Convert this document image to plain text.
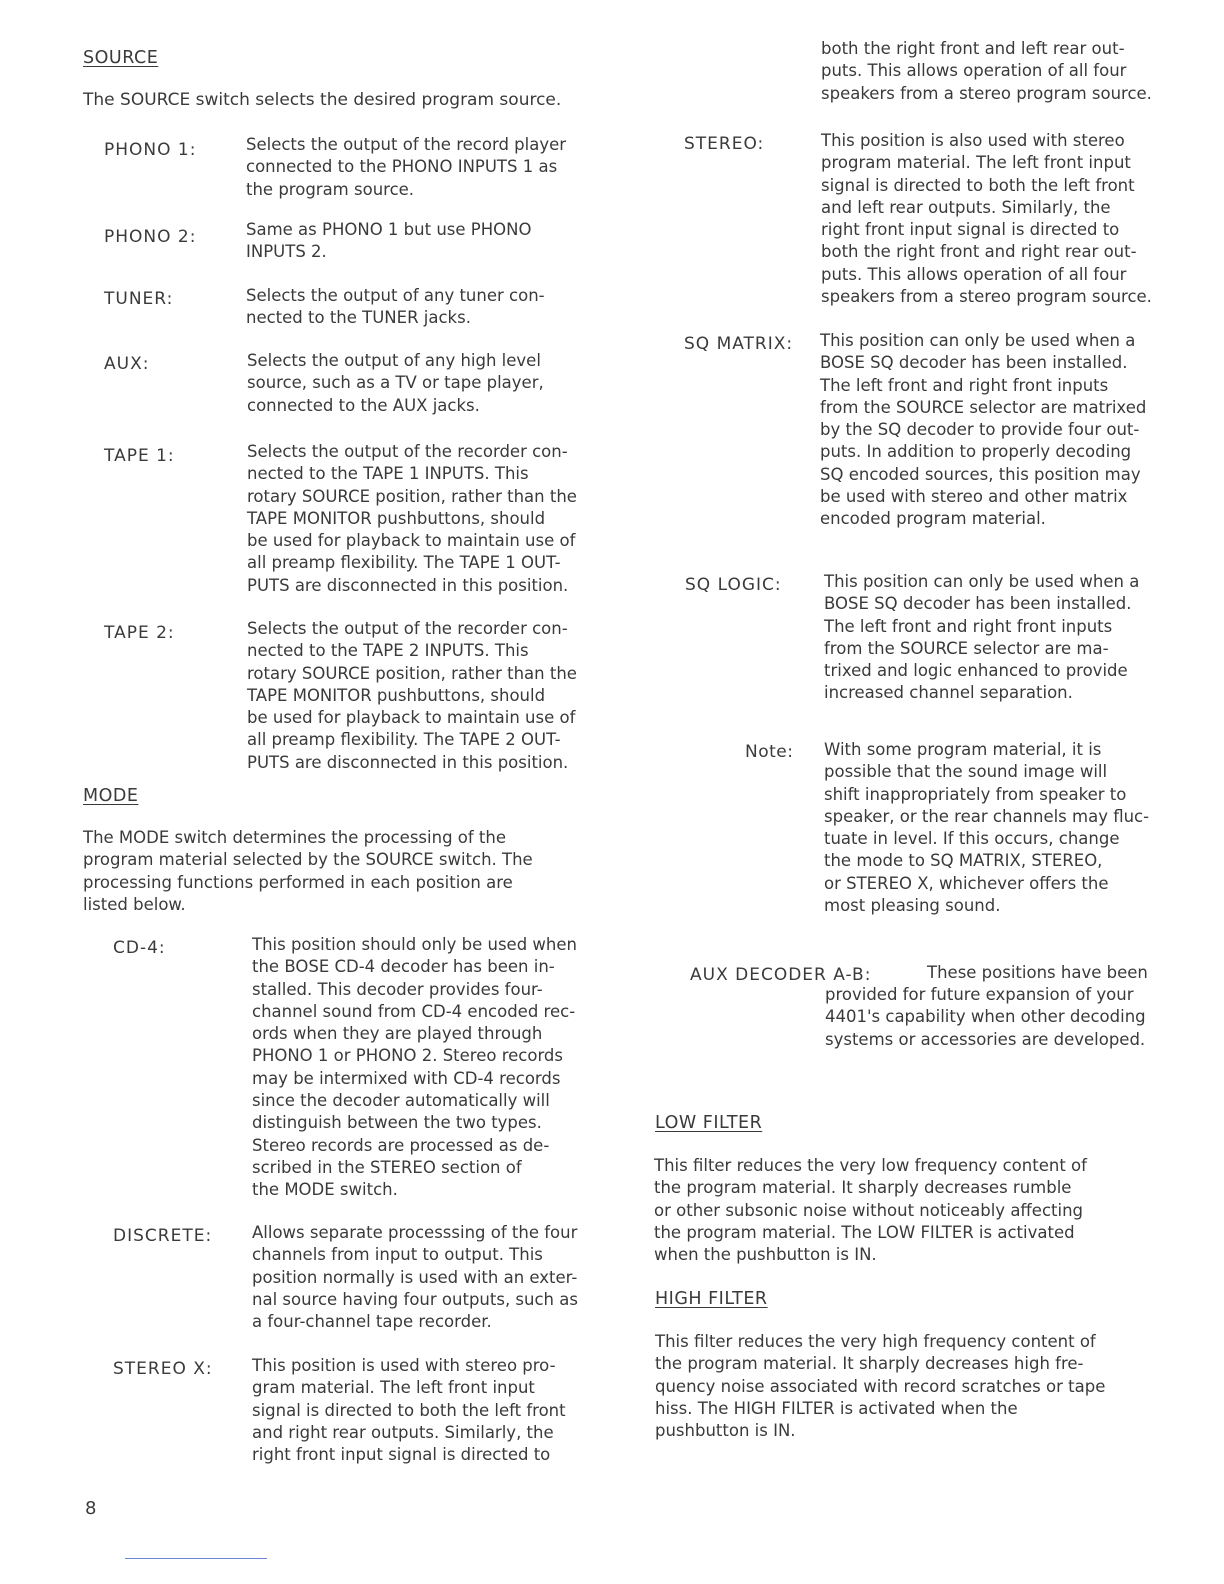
SOURCE

The SOURCE switch selects the desired program source.

PHONO 1:	Selects the output of the record player
connected to the PHONO INPUTS 1 as
the program source.
PHONO 2:	Same as PHONO 1 but use PHONO
INPUTS 2.
TUNER:	Selects the output of any tuner con-
nected to the TUNER jacks.
AUX:	Selects the output of any high level
source, such as a TV or tape player,
connected to the AUX jacks.
TAPE 1:	Selects the output of the recorder con-
nected to the TAPE 1 INPUTS. This
rotary SOURCE position, rather than the
TAPE MONITOR pushbuttons, should
be used for playback to maintain use of
all preamp flexibility. The TAPE 1 OUT-
PUTS are disconnected in this position.
TAPE 2:	Selects the output of the recorder con-
nected to the TAPE 2 INPUTS. This
rotary SOURCE position, rather than the
TAPE MONITOR pushbuttons, should
be used for playback to maintain use of
all preamp flexibility. The TAPE 2 OUT-
PUTS are disconnected in this position.
MODE
The MODE switch determines the processing of the
program material selected by the SOURCE switch. The
processing functions performed in each position are
listed below.
CD-4:	This position should only be used when
the BOSE CD-4 decoder has been in-
stalled. This decoder provides four-
channel sound from CD-4 encoded rec-
ords when they are played through
PHONO 1 or PHONO 2. Stereo records
may be intermixed with CD-4 records
since the decoder automatically will
distinguish between the two types.
Stereo records are processed as de-
scribed in the STEREO section of
the MODE switch.
DISCRETE: Allows separate processsing of the four
channels from input to output. This
position normally is used with an exter-
nal source having four outputs, such as
a four-channel tape recorder.
STEREO X: This position is used with stereo pro-
gram material. The left front input
signal is directed to both the left front
and right rear outputs. Similarly, the
right front input signal is directed to
both the right front and left rear out-
puts. This allows operation of all four
speakers from a stereo program source.
STEREO:	This position is also used with stereo
program material. The left front input
signal is directed to both the left front
and left rear outputs. Similarly, the
right front input signal is directed to
both the right front and right rear out-
puts. This allows operation of all four
speakers from a stereo program source.
SQ MATRIX: This position can only be used when a
BOSE SQ decoder has been installed.
The left front and right front inputs
from the SOURCE selector are matrixed
by the SQ decoder to provide four out-
puts. In addition to properly decoding
SQ encoded sources, this position may
be used with stereo and other matrix
encoded program material.
SQ LOGIC:	This position can only be used when a
BOSE SQ decoder has been installed.
The left front and right front inputs
from the SOURCE selector are ma-
trixed and logic enhanced to provide
increased channel separation.
Note: With some program material, it is
possible that the sound image will
shift inappropriately from speaker to
speaker, or the rear channels may fluc-
tuate in level. If this occurs, change
the mode to SQ MATRIX, STEREO,
or STEREO X, whichever offers the
most pleasing sound.
AUX DECODER A-B:	These positions have been
provided for future expansion of your
4401's capability when other decoding
systems or accessories are developed.
LOW FILTER
This filter reduces the very low frequency content of
the program material. It sharply decreases rumble
or other subsonic noise without noticeably affecting
the program material. The LOW FILTER is activated
when the pushbutton is IN.
HIGH FILTER
This filter reduces the very high frequency content of
the program material. It sharply decreases high fre-
quency noise associated with record scratches or tape
hiss. The HIGH FILTER is activated when the
pushbutton is IN.
8
